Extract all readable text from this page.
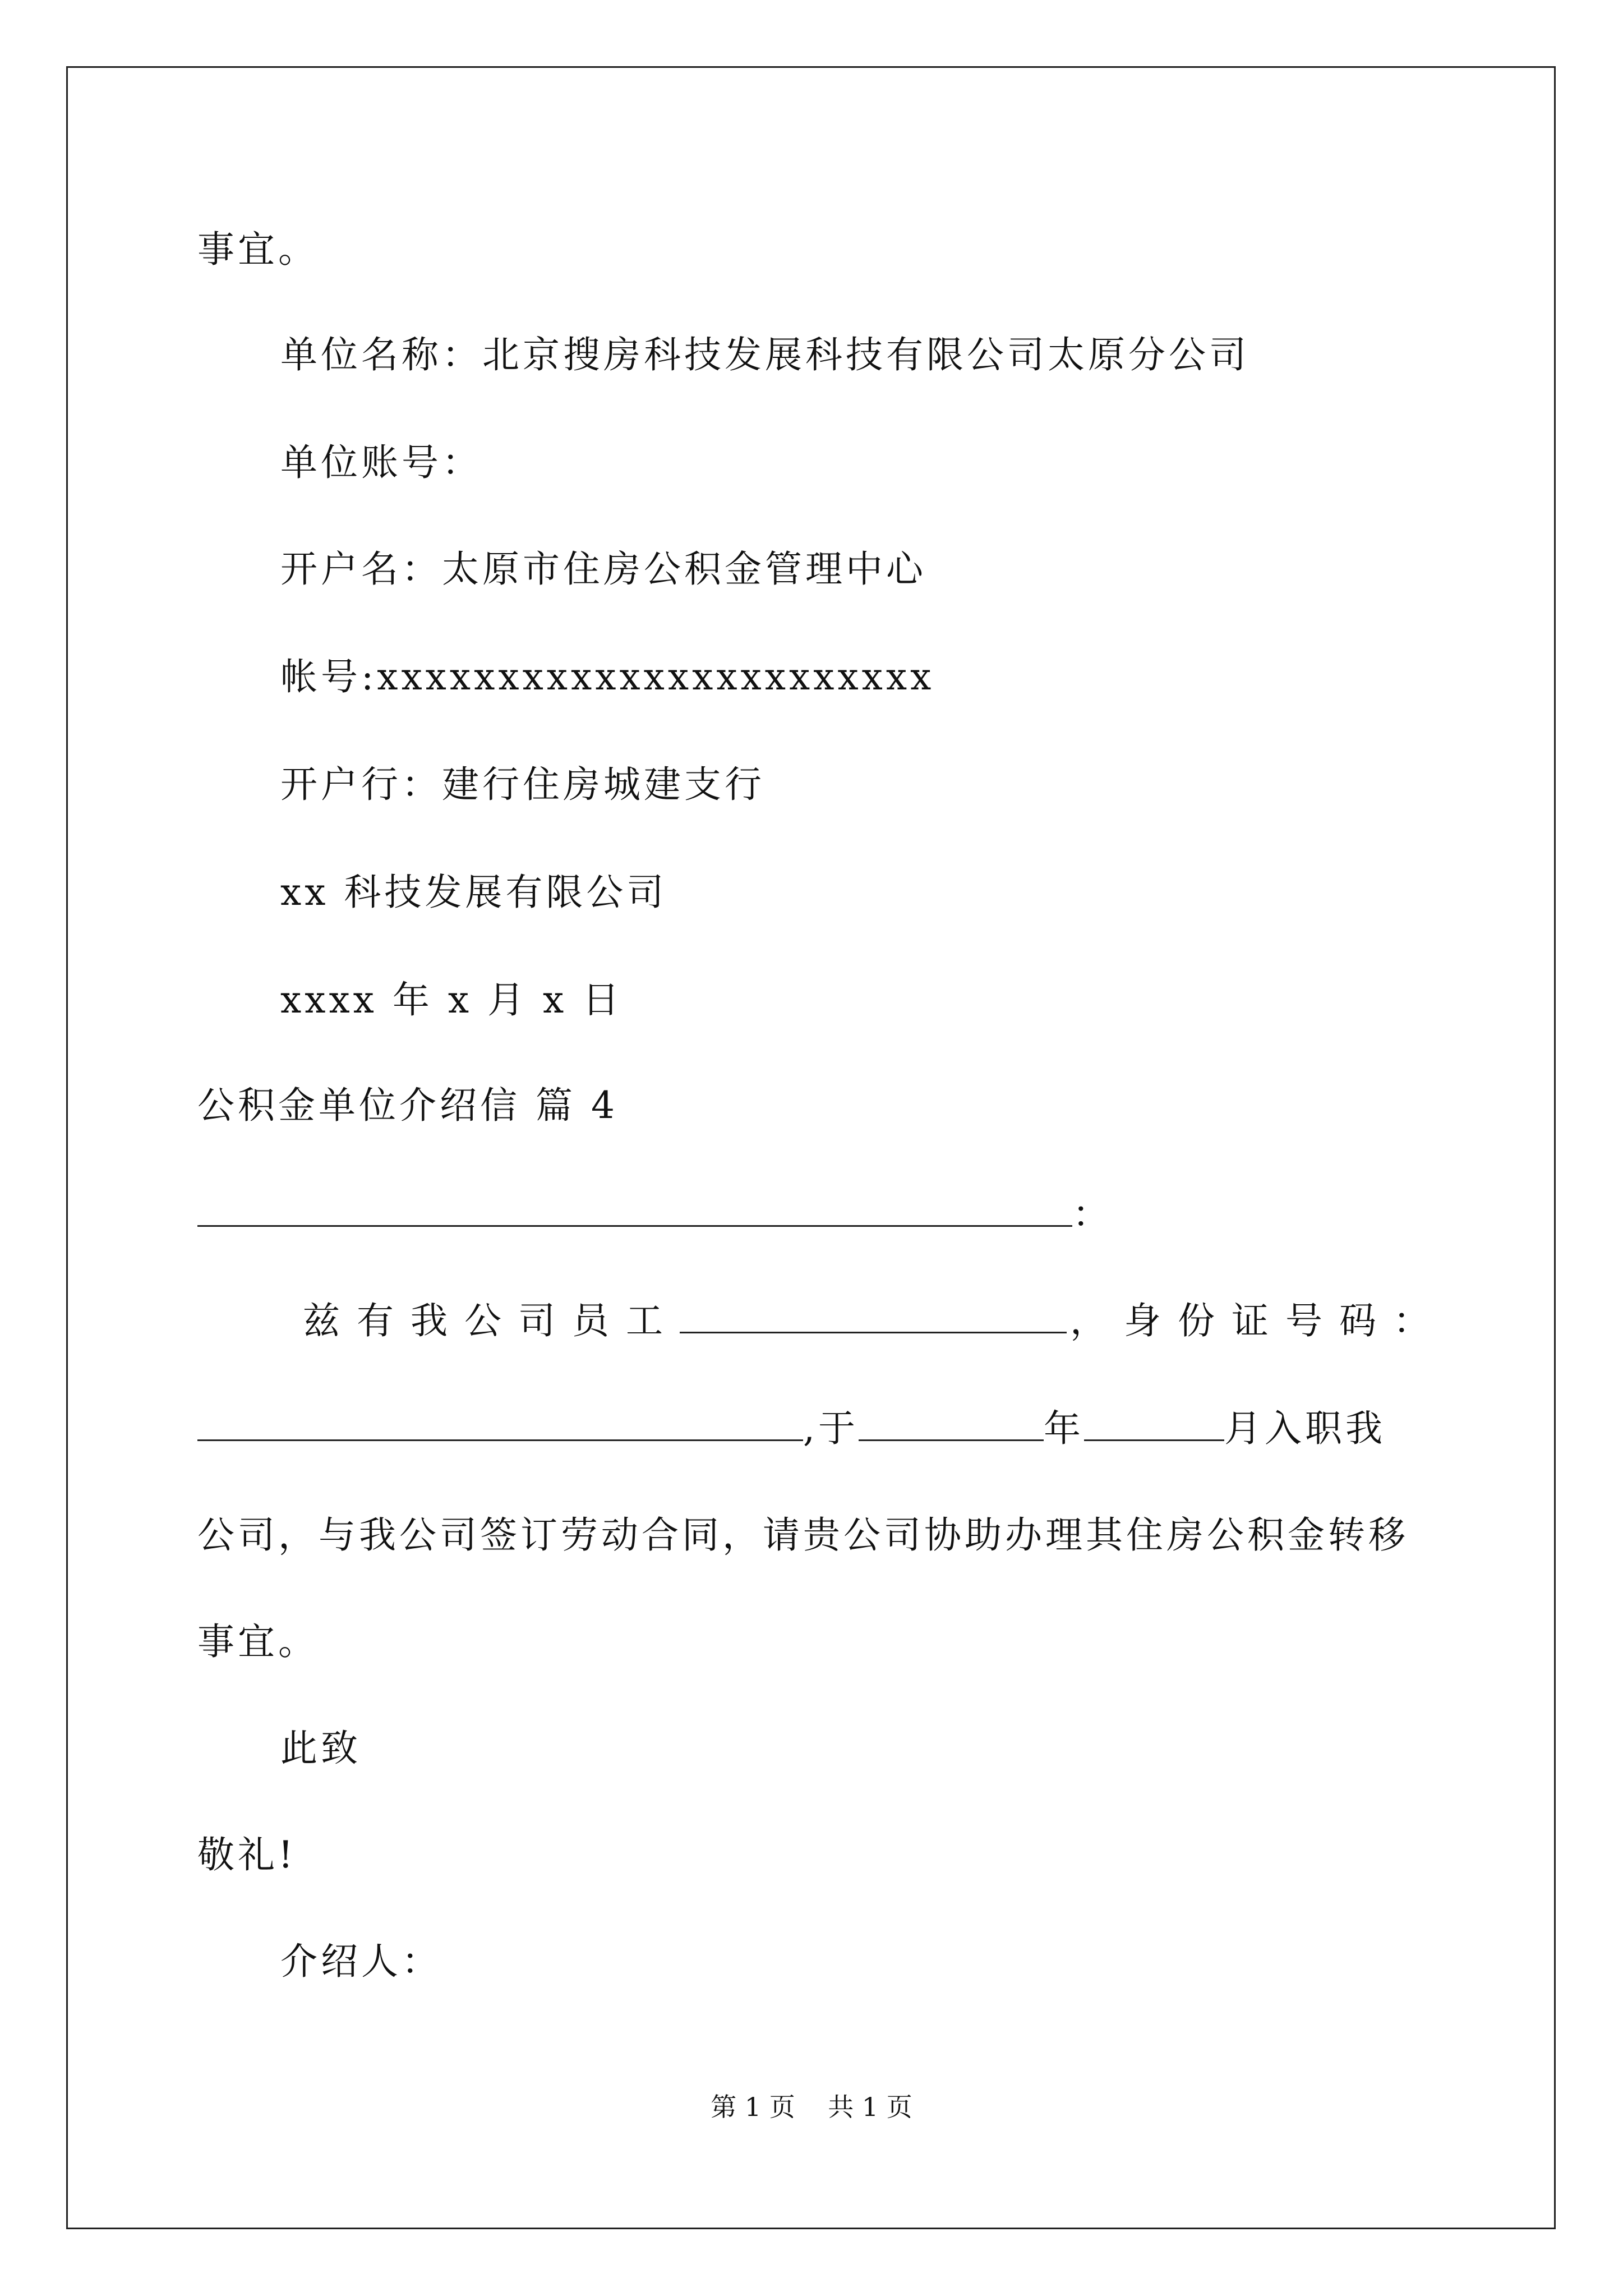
事宜。
单位名称：北京搜房科技发展科技有限公司太原分公司
单位账号：
开户名：太原市住房公积金管理中心
帐号:xxxxxxxxxxxxxxxxxxxxxxx
开户行：建行住房城建支行
xx 科技发展有限公司
xxxx 年 x 月 x 日
公积金单位介绍信 篇 4
：
兹有我公司员工	，身份证号码：
,于	年	月入职我
公司，与我公司签订劳动合同，请贵公司协助办理其住房公积金转移
事宜。
此致
敬礼!
介绍人：
第 1 页    共 1 页
